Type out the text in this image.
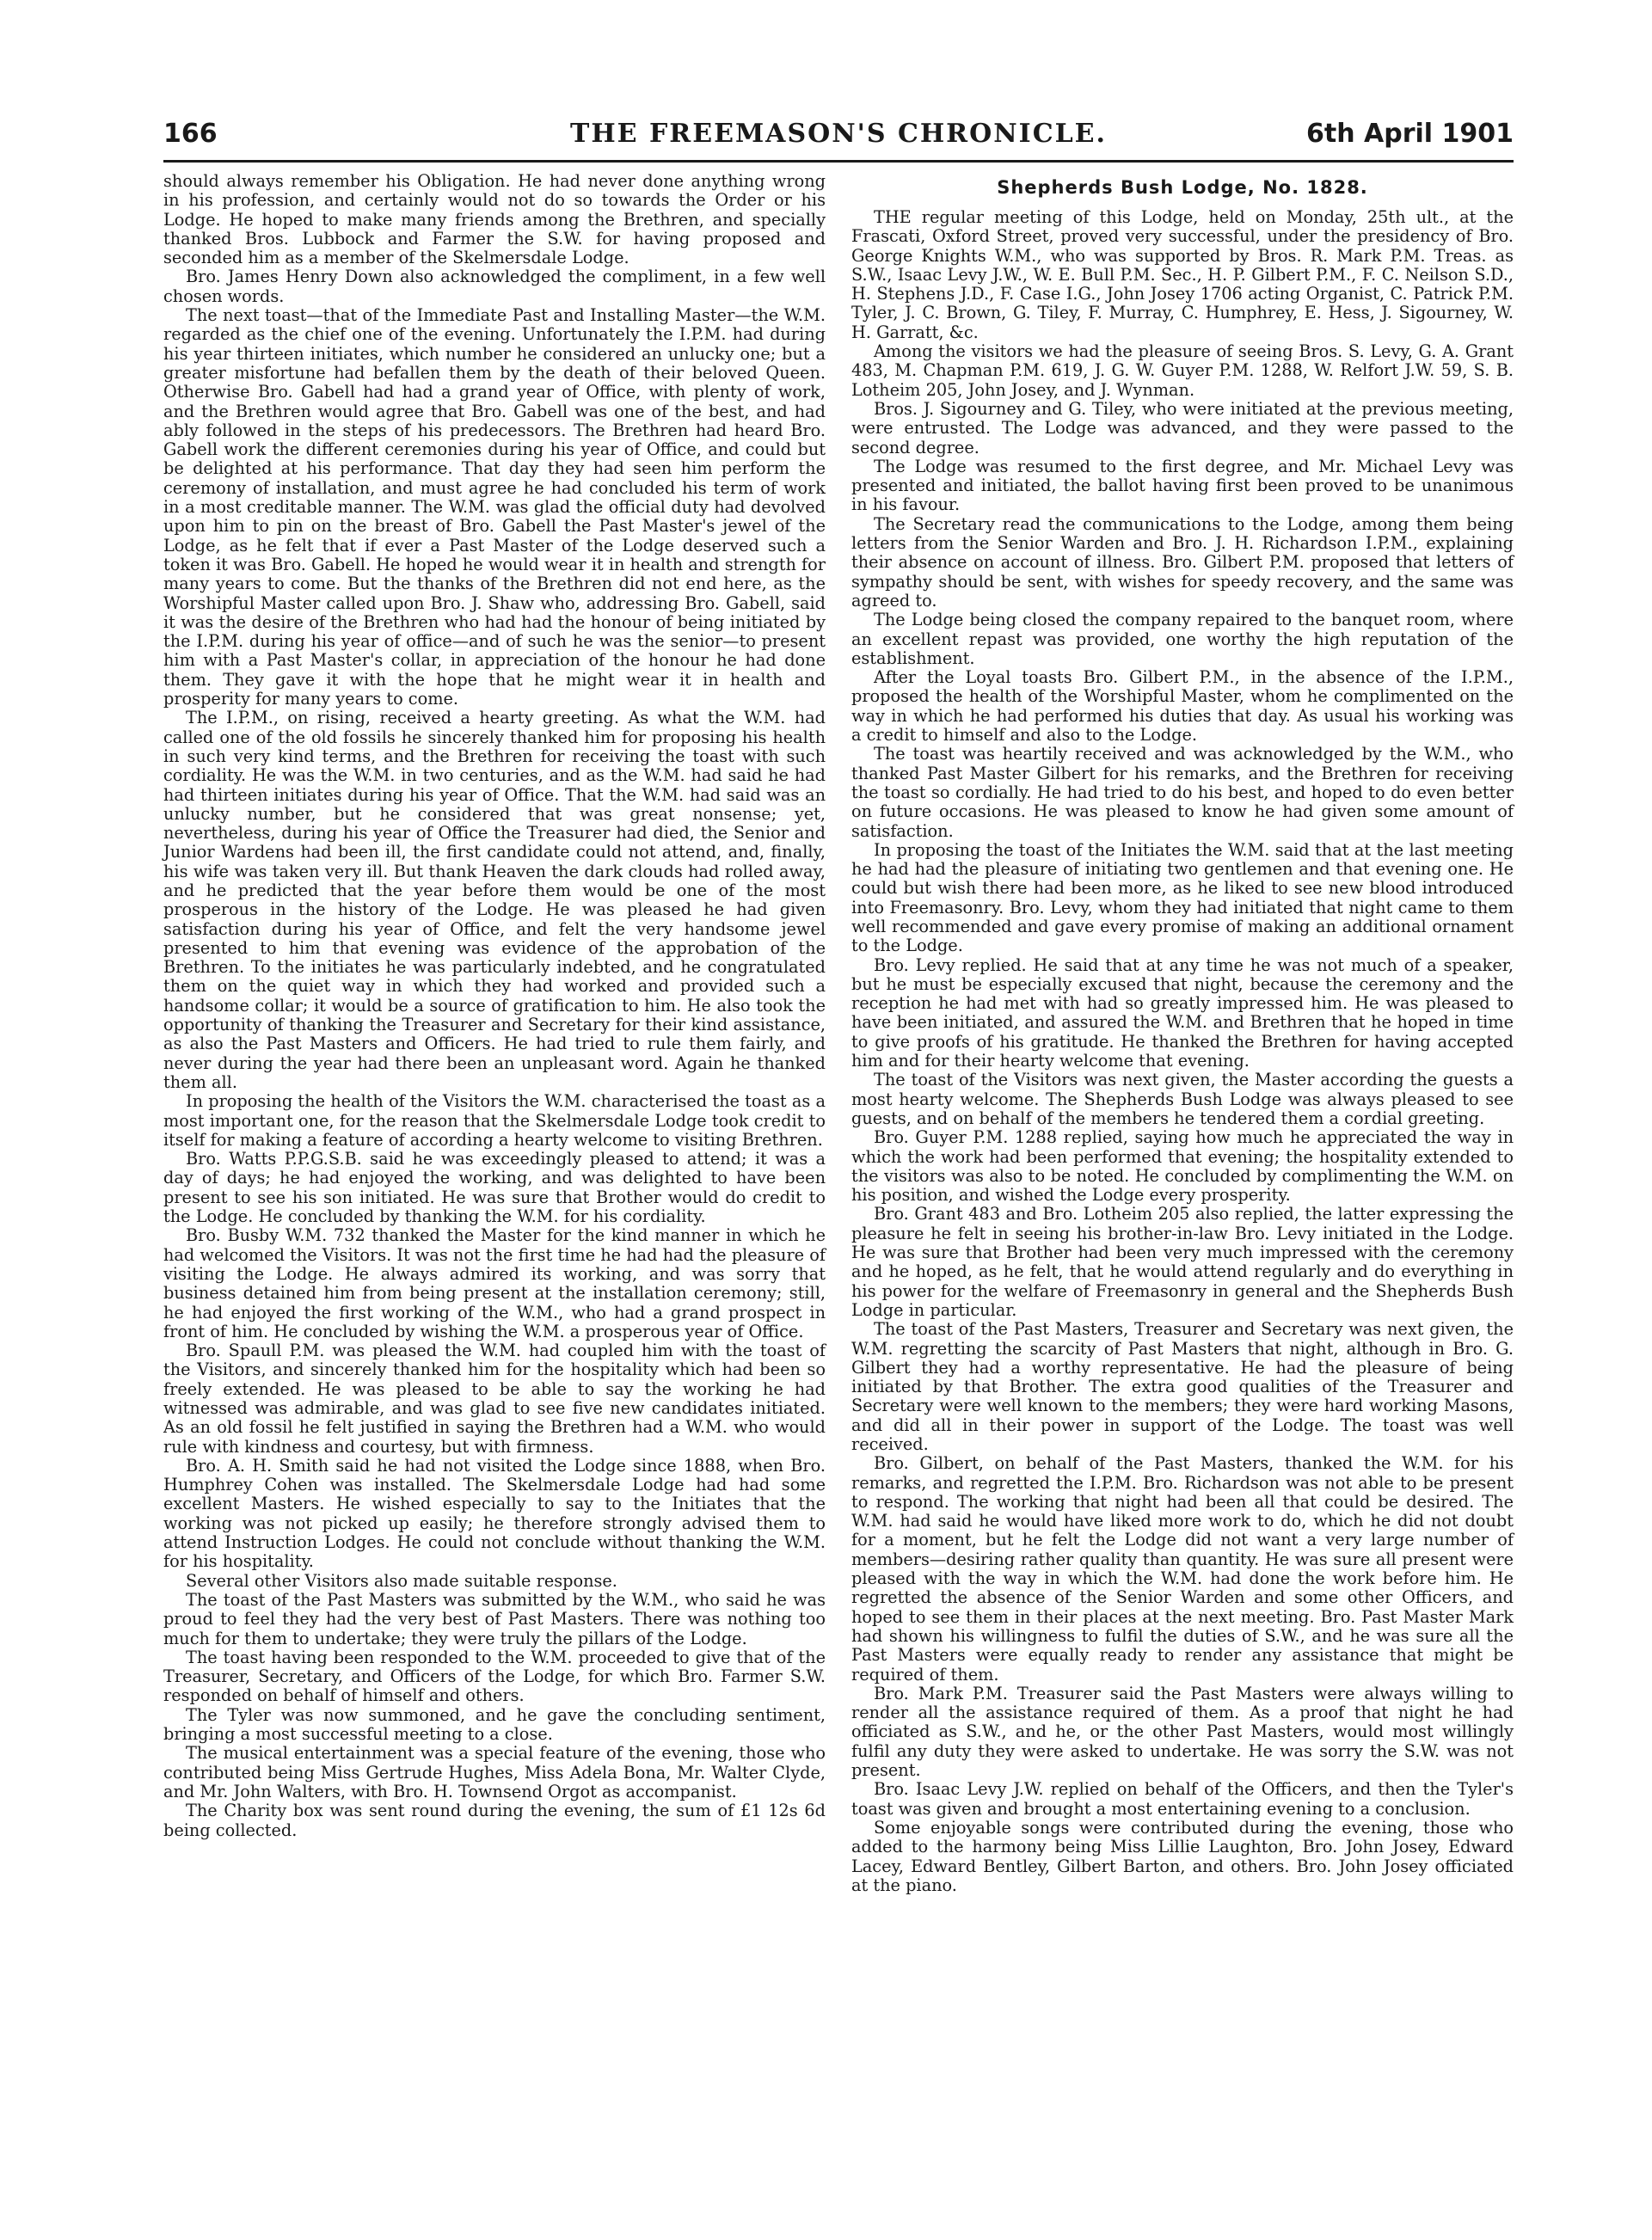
166	THE FREEMASON'S CHRONICLE.	6th April 1901

should always remember his Obligation. He had never done anything wrong in his profession, and certainly would not do so towards the Order or his Lodge. He hoped to make many friends among the Brethren, and specially thanked Bros. Lubbock and Farmer the S.W. for having proposed and seconded him as a member of the Skelmersdale Lodge.

Bro. James Henry Down also acknowledged the compliment, in a few well chosen words.

The next toast—that of the Immediate Past and Installing Master—the W.M. regarded as the chief one of the evening. Unfortunately the I.P.M. had during his year thirteen initiates, which number he considered an unlucky one; but a greater misfortune had befallen them by the death of their beloved Queen. Otherwise Bro. Gabell had had a grand year of Office, with plenty of work, and the Brethren would agree that Bro. Gabell was one of the best, and had ably followed in the steps of his predecessors. The Brethren had heard Bro. Gabell work the different ceremonies during his year of Office, and could but be delighted at his performance. That day they had seen him perform the ceremony of installation, and must agree he had concluded his term of work in a most creditable manner. The W.M. was glad the official duty had devolved upon him to pin on the breast of Bro. Gabell the Past Master's jewel of the Lodge, as he felt that if ever a Past Master of the Lodge deserved such a token it was Bro. Gabell. He hoped he would wear it in health and strength for many years to come. But the thanks of the Brethren did not end here, as the Worshipful Master called upon Bro. J. Shaw who, addressing Bro. Gabell, said it was the desire of the Brethren who had had the honour of being initiated by the I.P.M. during his year of office—and of such he was the senior—to present him with a Past Master's collar, in appreciation of the honour he had done them. They gave it with the hope that he might wear it in health and prosperity for many years to come.

The I.P.M., on rising, received a hearty greeting. As what the W.M. had called one of the old fossils he sincerely thanked him for proposing his health in such very kind terms, and the Brethren for receiving the toast with such cordiality. He was the W.M. in two centuries, and as the W.M. had said he had had thirteen initiates during his year of Office. That the W.M. had said was an unlucky number, but he considered that was great nonsense; yet, nevertheless, during his year of Office the Treasurer had died, the Senior and Junior Wardens had been ill, the first candidate could not attend, and, finally, his wife was taken very ill. But thank Heaven the dark clouds had rolled away, and he predicted that the year before them would be one of the most prosperous in the history of the Lodge. He was pleased he had given satisfaction during his year of Office, and felt the very handsome jewel presented to him that evening was evidence of the approbation of the Brethren. To the initiates he was particularly indebted, and he congratulated them on the quiet way in which they had worked and provided such a handsome collar; it would be a source of gratification to him. He also took the opportunity of thanking the Treasurer and Secretary for their kind assistance, as also the Past Masters and Officers. He had tried to rule them fairly, and never during the year had there been an unpleasant word. Again he thanked them all.

In proposing the health of the Visitors the W.M. characterised the toast as a most important one, for the reason that the Skelmersdale Lodge took credit to itself for making a feature of according a hearty welcome to visiting Brethren.

Bro. Watts P.P.G.S.B. said he was exceedingly pleased to attend; it was a day of days; he had enjoyed the working, and was delighted to have been present to see his son initiated. He was sure that Brother would do credit to the Lodge. He concluded by thanking the W.M. for his cordiality.

Bro. Busby W.M. 732 thanked the Master for the kind manner in which he had welcomed the Visitors. It was not the first time he had had the pleasure of visiting the Lodge. He always admired its working, and was sorry that business detained him from being present at the installation ceremony; still, he had enjoyed the first working of the W.M., who had a grand prospect in front of him. He concluded by wishing the W.M. a prosperous year of Office.

Bro. Spaull P.M. was pleased the W.M. had coupled him with the toast of the Visitors, and sincerely thanked him for the hospitality which had been so freely extended. He was pleased to be able to say the working he had witnessed was admirable, and was glad to see five new candidates initiated. As an old fossil he felt justified in saying the Brethren had a W.M. who would rule with kindness and courtesy, but with firmness.

Bro. A. H. Smith said he had not visited the Lodge since 1888, when Bro. Humphrey Cohen was installed. The Skelmersdale Lodge had had some excellent Masters. He wished especially to say to the Initiates that the working was not picked up easily; he therefore strongly advised them to attend Instruction Lodges. He could not conclude without thanking the W.M. for his hospitality.

Several other Visitors also made suitable response.

The toast of the Past Masters was submitted by the W.M., who said he was proud to feel they had the very best of Past Masters. There was nothing too much for them to undertake; they were truly the pillars of the Lodge.

The toast having been responded to the W.M. proceeded to give that of the Treasurer, Secretary, and Officers of the Lodge, for which Bro. Farmer S.W. responded on behalf of himself and others.

The Tyler was now summoned, and he gave the concluding sentiment, bringing a most successful meeting to a close.

The musical entertainment was a special feature of the evening, those who contributed being Miss Gertrude Hughes, Miss Adela Bona, Mr. Walter Clyde, and Mr. John Walters, with Bro. H. Townsend Orgot as accompanist.

The Charity box was sent round during the evening, the sum of £1 12s 6d being collected.

Shepherds Bush Lodge, No. 1828.

THE regular meeting of this Lodge, held on Monday, 25th ult., at the Frascati, Oxford Street, proved very successful, under the presidency of Bro. George Knights W.M., who was supported by Bros. R. Mark P.M. Treas. as S.W., Isaac Levy J.W., W. E. Bull P.M. Sec., H. P. Gilbert P.M., F. C. Neilson S.D., H. Stephens J.D., F. Case I.G., John Josey 1706 acting Organist, C. Patrick P.M. Tyler, J. C. Brown, G. Tiley, F. Murray, C. Humphrey, E. Hess, J. Sigourney, W. H. Garratt, &c.

Among the visitors we had the pleasure of seeing Bros. S. Levy, G. A. Grant 483, M. Chapman P.M. 619, J. G. W. Guyer P.M. 1288, W. Relfort J.W. 59, S. B. Lotheim 205, John Josey, and J. Wynman.

Bros. J. Sigourney and G. Tiley, who were initiated at the previous meeting, were entrusted. The Lodge was advanced, and they were passed to the second degree.

The Lodge was resumed to the first degree, and Mr. Michael Levy was presented and initiated, the ballot having first been proved to be unanimous in his favour.

The Secretary read the communications to the Lodge, among them being letters from the Senior Warden and Bro. J. H. Richardson I.P.M., explaining their absence on account of illness. Bro. Gilbert P.M. proposed that letters of sympathy should be sent, with wishes for speedy recovery, and the same was agreed to.

The Lodge being closed the company repaired to the banquet room, where an excellent repast was provided, one worthy the high reputation of the establishment.

After the Loyal toasts Bro. Gilbert P.M., in the absence of the I.P.M., proposed the health of the Worshipful Master, whom he complimented on the way in which he had performed his duties that day. As usual his working was a credit to himself and also to the Lodge.

The toast was heartily received and was acknowledged by the W.M., who thanked Past Master Gilbert for his remarks, and the Brethren for receiving the toast so cordially. He had tried to do his best, and hoped to do even better on future occasions. He was pleased to know he had given some amount of satisfaction.

In proposing the toast of the Initiates the W.M. said that at the last meeting he had had the pleasure of initiating two gentlemen and that evening one. He could but wish there had been more, as he liked to see new blood introduced into Freemasonry. Bro. Levy, whom they had initiated that night came to them well recommended and gave every promise of making an additional ornament to the Lodge.

Bro. Levy replied. He said that at any time he was not much of a speaker, but he must be especially excused that night, because the ceremony and the reception he had met with had so greatly impressed him. He was pleased to have been initiated, and assured the W.M. and Brethren that he hoped in time to give proofs of his gratitude. He thanked the Brethren for having accepted him and for their hearty welcome that evening.

The toast of the Visitors was next given, the Master according the guests a most hearty welcome. The Shepherds Bush Lodge was always pleased to see guests, and on behalf of the members he tendered them a cordial greeting.

Bro. Guyer P.M. 1288 replied, saying how much he appreciated the way in which the work had been performed that evening; the hospitality extended to the visitors was also to be noted. He concluded by complimenting the W.M. on his position, and wished the Lodge every prosperity.

Bro. Grant 483 and Bro. Lotheim 205 also replied, the latter expressing the pleasure he felt in seeing his brother-in-law Bro. Levy initiated in the Lodge. He was sure that Brother had been very much impressed with the ceremony and he hoped, as he felt, that he would attend regularly and do everything in his power for the welfare of Freemasonry in general and the Shepherds Bush Lodge in particular.

The toast of the Past Masters, Treasurer and Secretary was next given, the W.M. regretting the scarcity of Past Masters that night, although in Bro. G. Gilbert they had a worthy representative. He had the pleasure of being initiated by that Brother. The extra good qualities of the Treasurer and Secretary were well known to the members; they were hard working Masons, and did all in their power in support of the Lodge. The toast was well received.

Bro. Gilbert, on behalf of the Past Masters, thanked the W.M. for his remarks, and regretted the I.P.M. Bro. Richardson was not able to be present to respond. The working that night had been all that could be desired. The W.M. had said he would have liked more work to do, which he did not doubt for a moment, but he felt the Lodge did not want a very large number of members—desiring rather quality than quantity. He was sure all present were pleased with the way in which the W.M. had done the work before him. He regretted the absence of the Senior Warden and some other Officers, and hoped to see them in their places at the next meeting. Bro. Past Master Mark had shown his willingness to fulfil the duties of S.W., and he was sure all the Past Masters were equally ready to render any assistance that might be required of them.

Bro. Mark P.M. Treasurer said the Past Masters were always willing to render all the assistance required of them. As a proof that night he had officiated as S.W., and he, or the other Past Masters, would most willingly fulfil any duty they were asked to undertake. He was sorry the S.W. was not present.

Bro. Isaac Levy J.W. replied on behalf of the Officers, and then the Tyler's toast was given and brought a most entertaining evening to a conclusion.

Some enjoyable songs were contributed during the evening, those who added to the harmony being Miss Lillie Laughton, Bro. John Josey, Edward Lacey, Edward Bentley, Gilbert Barton, and others. Bro. John Josey officiated at the piano.
